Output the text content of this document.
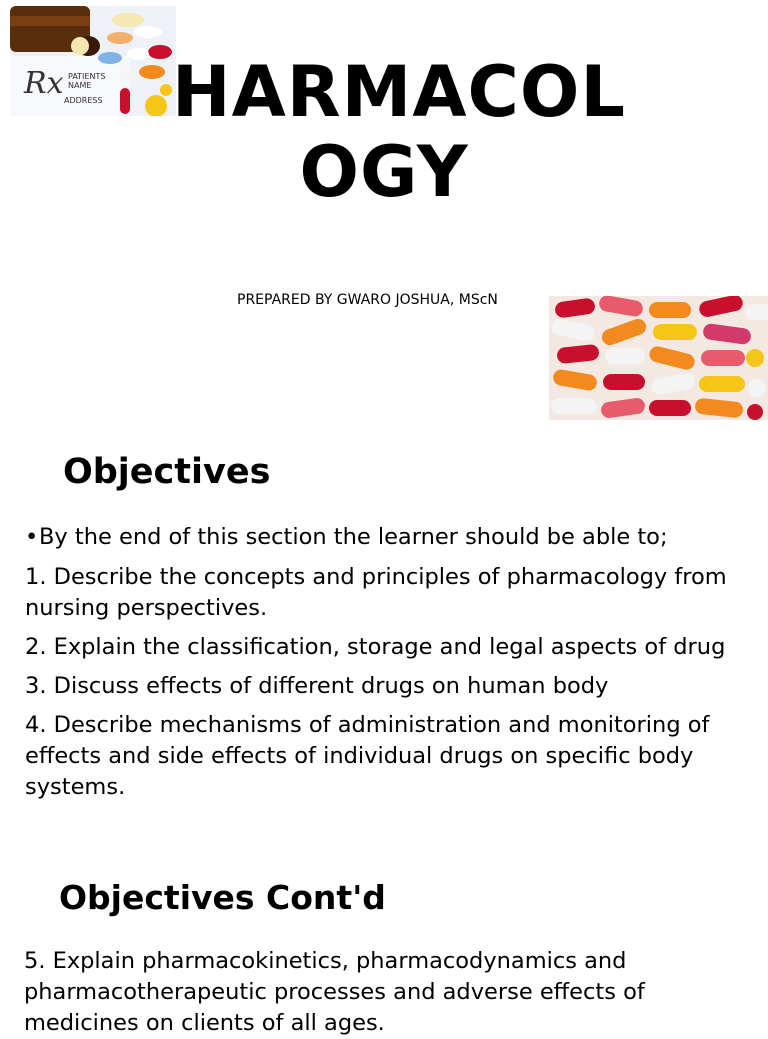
Rx PATIENTS
NAME
ADDRESS HARMACOL
OGY

PREPARED BY GWARO JOSHUA, MScN

Objectives

•By the end of this section the learner should be able to;

1. Describe the concepts and principles of pharmacology from nursing perspectives.

2. Explain the classification, storage and legal aspects of drug

3. Discuss effects of different drugs on human body

4. Describe mechanisms of administration and monitoring of effects and side effects of individual drugs on specific body systems.

Objectives Cont'd

5. Explain pharmacokinetics, pharmacodynamics and pharmacotherapeutic processes and adverse effects of medicines on clients of all ages.
